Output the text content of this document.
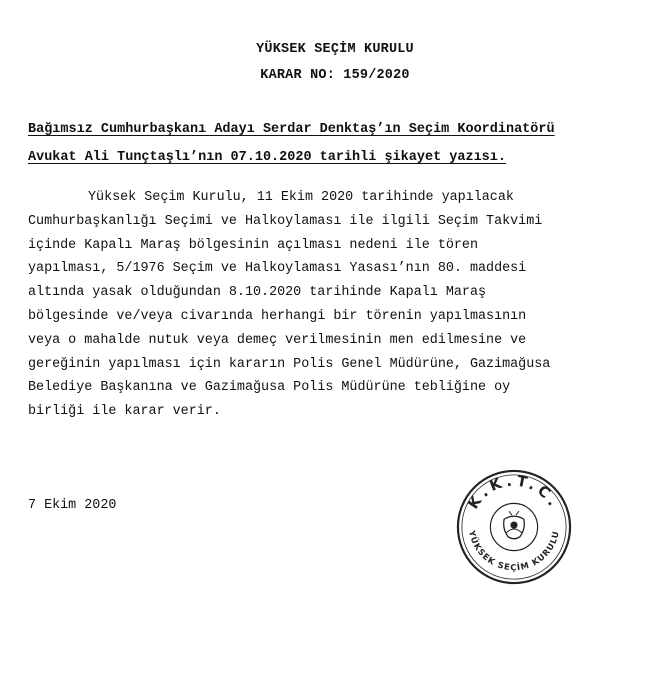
YÜKSEK SEÇİM KURULU
KARAR NO: 159/2020
Bağımsız Cumhurbaşkanı Adayı Serdar Denktaş’ın Seçim Koordinatörü
Avukat Ali Tunçtaşlı’nın 07.10.2020 tarihli şikayet yazısı.
Yüksek Seçim Kurulu, 11 Ekim 2020 tarihinde yapılacak
Cumhurbaşkanlığı Seçimi ve Halkoylaması ile ilgili Seçim Takvimi
içinde Kapalı Maraş bölgesinin açılması nedeni ile tören
yapılması, 5/1976 Seçim ve Halkoylaması Yasası’nın 80. maddesi
altında yasak olduğundan 8.10.2020 tarihinde Kapalı Maraş
bölgesinde ve/veya civarında herhangi bir törenin yapılmasının
veya o mahalde nutuk veya demeç verilmesinin men edilmesine ve
gereğinin yapılması için kararın Polis Genel Müdürüne, Gazimağusa
Belediye Başkanına ve Gazimağusa Polis Müdürüne tebliğine oy
birliği ile karar verir.
7 Ekim 2020	K.K.T.C.
YÜKSEK SEÇİM KURULU
